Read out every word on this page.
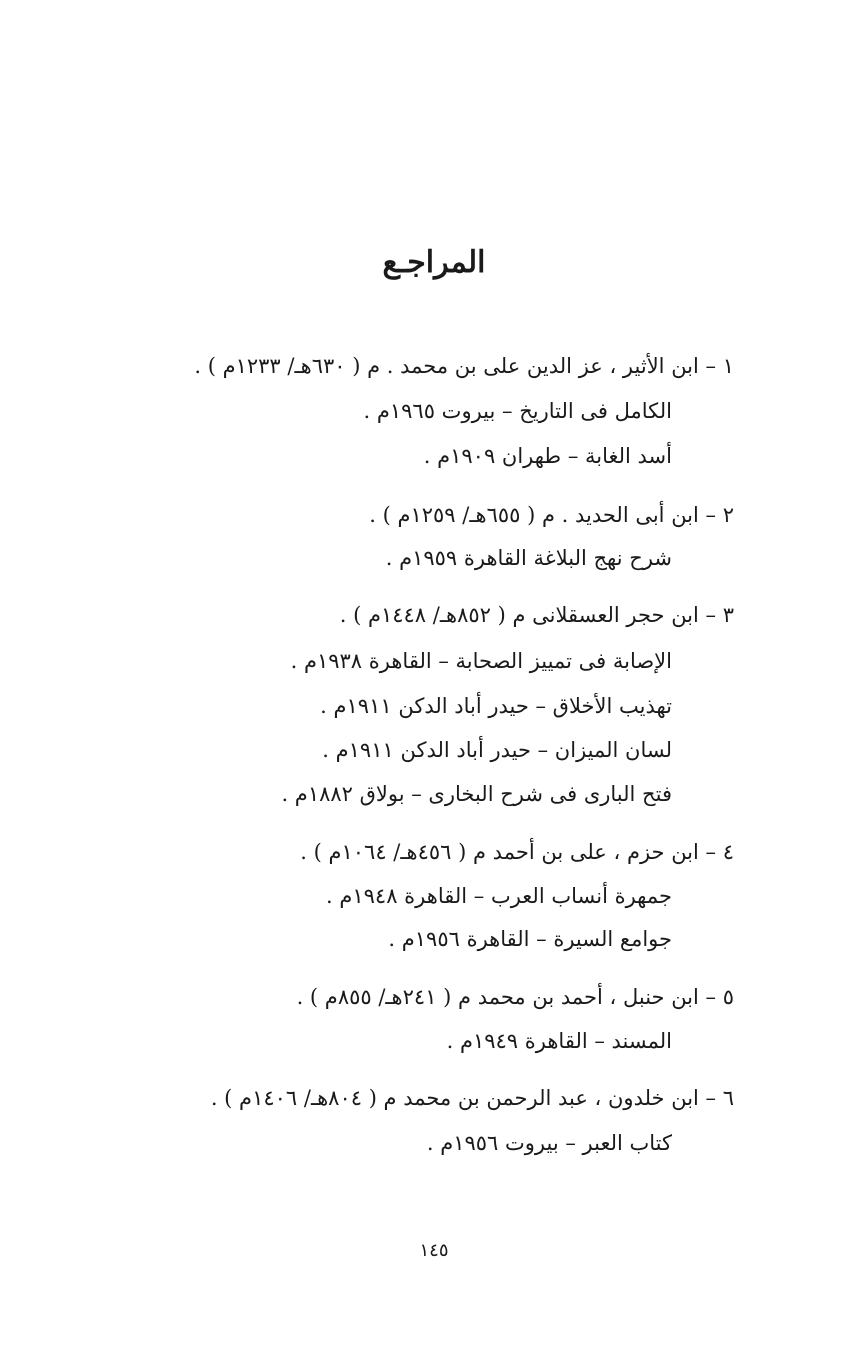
المراجـع
١ – ابن الأثير ، عز الدين على بن محمد . م ( ٦٣٠هـ/ ١٢٣٣م ) .
الكامل فى التاريخ – بيروت ١٩٦٥م .
أسد الغابة – طهران ١٩٠٩م .
٢ – ابن أبى الحديد . م ( ٦٥٥هـ/ ١٢٥٩م ) .
شرح نهج البلاغة القاهرة ١٩٥٩م .
٣ – ابن حجر العسقلانى م ( ٨٥٢هـ/ ١٤٤٨م ) .
الإصابة فى تمييز الصحابة – القاهرة ١٩٣٨م .
تهذيب الأخلاق – حيدر أباد الدكن ١٩١١م .
لسان الميزان – حيدر أباد الدكن ١٩١١م .
فتح البارى فى شرح البخارى – بولاق ١٨٨٢م .
٤ – ابن حزم ، على بن أحمد م ( ٤٥٦هـ/ ١٠٦٤م ) .
جمهرة أنساب العرب – القاهرة ١٩٤٨م .
جوامع السيرة – القاهرة ١٩٥٦م .
٥ – ابن حنبل ، أحمد بن محمد م ( ٢٤١هـ/ ٨٥٥م ) .
المسند – القاهرة ١٩٤٩م .
٦ – ابن خلدون ، عبد الرحمن بن محمد م ( ٨٠٤هـ/ ١٤٠٦م ) .
كتاب العبر – بيروت ١٩٥٦م .
١٤٥
